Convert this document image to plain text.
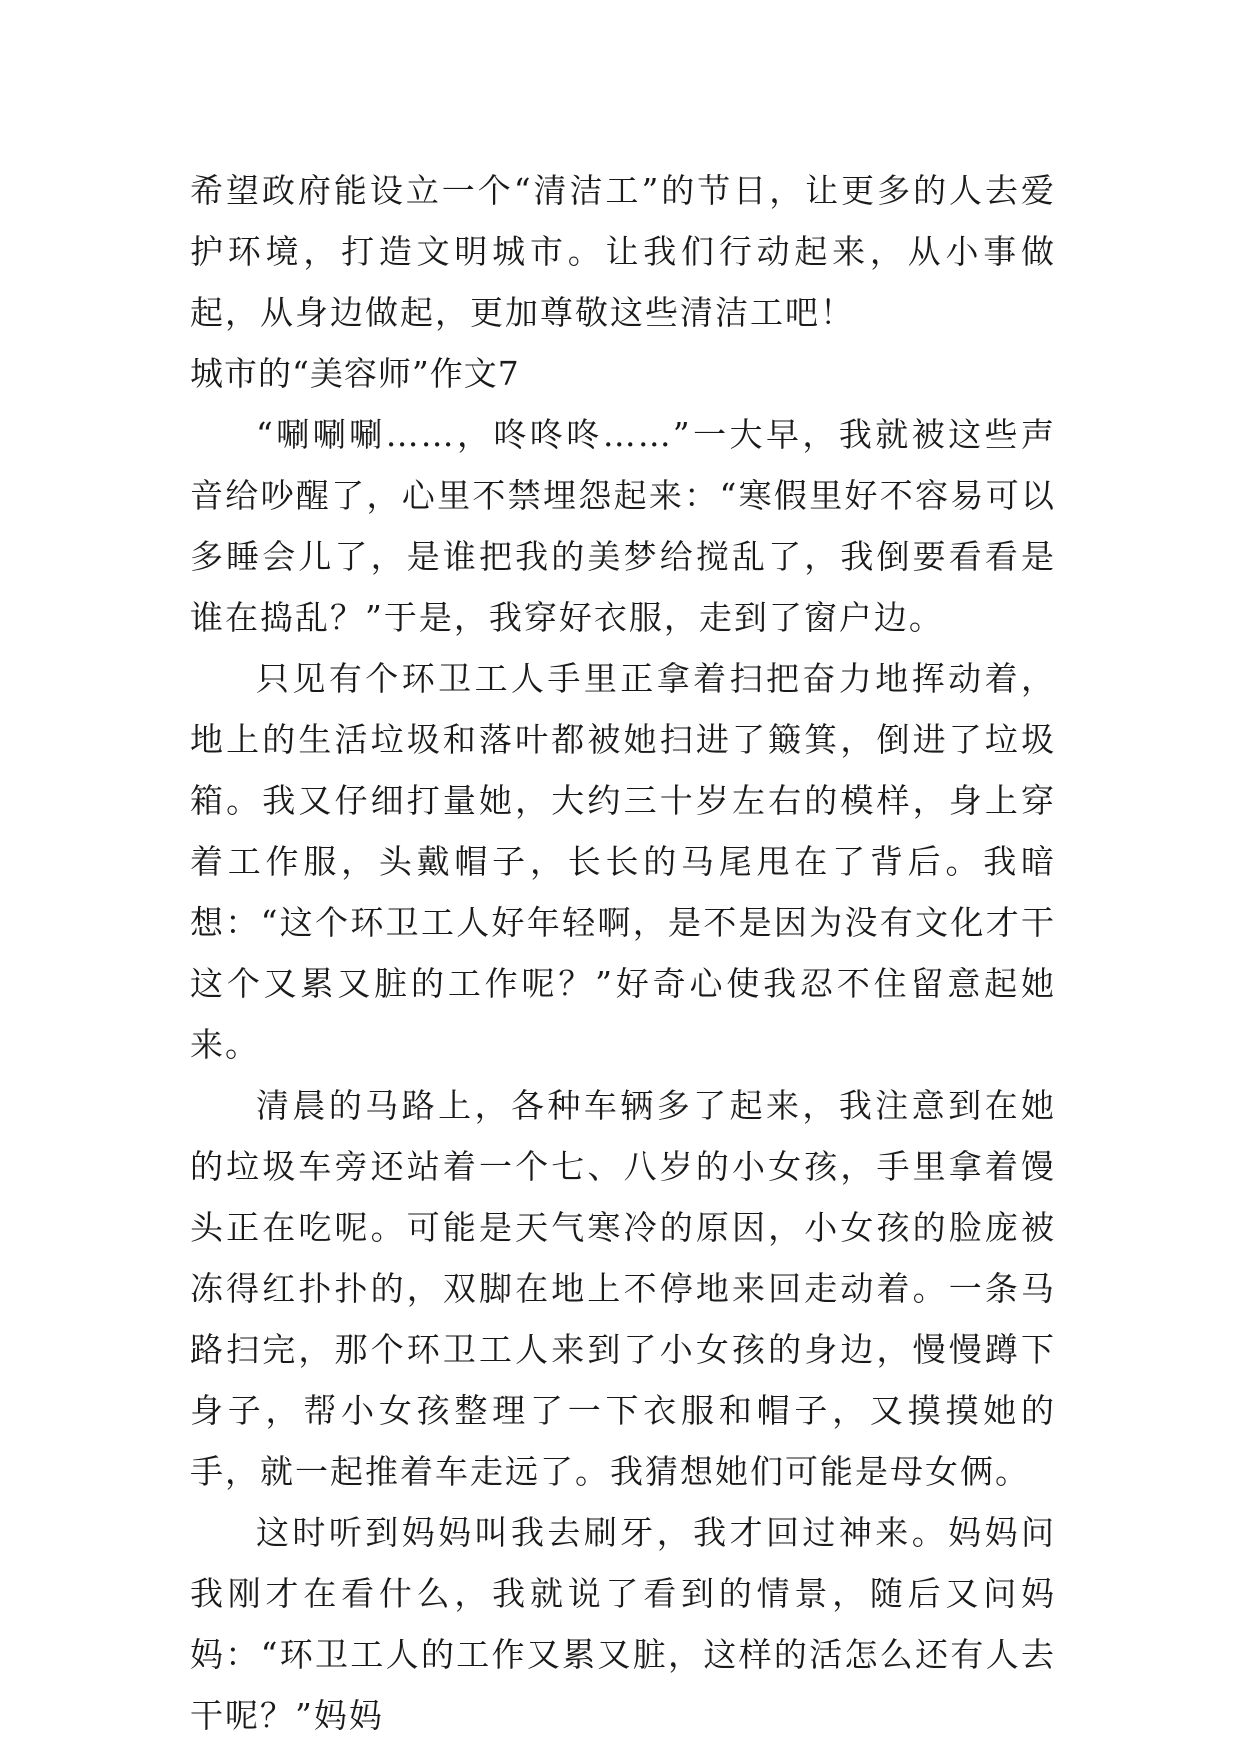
希望政府能设立一个“清洁工”的节日，让更多的人去爱护环境，打造文明城市。让我们行动起来，从小事做起，从身边做起，更加尊敬这些清洁工吧！

城市的“美容师”作文7

“唰唰唰……，咚咚咚……”一大早，我就被这些声音给吵醒了，心里不禁埋怨起来：“寒假里好不容易可以多睡会儿了，是谁把我的美梦给搅乱了，我倒要看看是谁在捣乱？”于是，我穿好衣服，走到了窗户边。

只见有个环卫工人手里正拿着扫把奋力地挥动着，地上的生活垃圾和落叶都被她扫进了簸箕，倒进了垃圾箱。我又仔细打量她，大约三十岁左右的模样，身上穿着工作服，头戴帽子，长长的马尾甩在了背后。我暗想：“这个环卫工人好年轻啊，是不是因为没有文化才干这个又累又脏的工作呢？”好奇心使我忍不住留意起她来。

清晨的马路上，各种车辆多了起来，我注意到在她的垃圾车旁还站着一个七、八岁的小女孩，手里拿着馒头正在吃呢。可能是天气寒冷的原因，小女孩的脸庞被冻得红扑扑的，双脚在地上不停地来回走动着。一条马路扫完，那个环卫工人来到了小女孩的身边，慢慢蹲下身子，帮小女孩整理了一下衣服和帽子，又摸摸她的手，就一起推着车走远了。我猜想她们可能是母女俩。

这时听到妈妈叫我去刷牙，我才回过神来。妈妈问我刚才在看什么，我就说了看到的情景，随后又问妈妈：“环卫工人的工作又累又脏，这样的活怎么还有人去干呢？”妈妈
